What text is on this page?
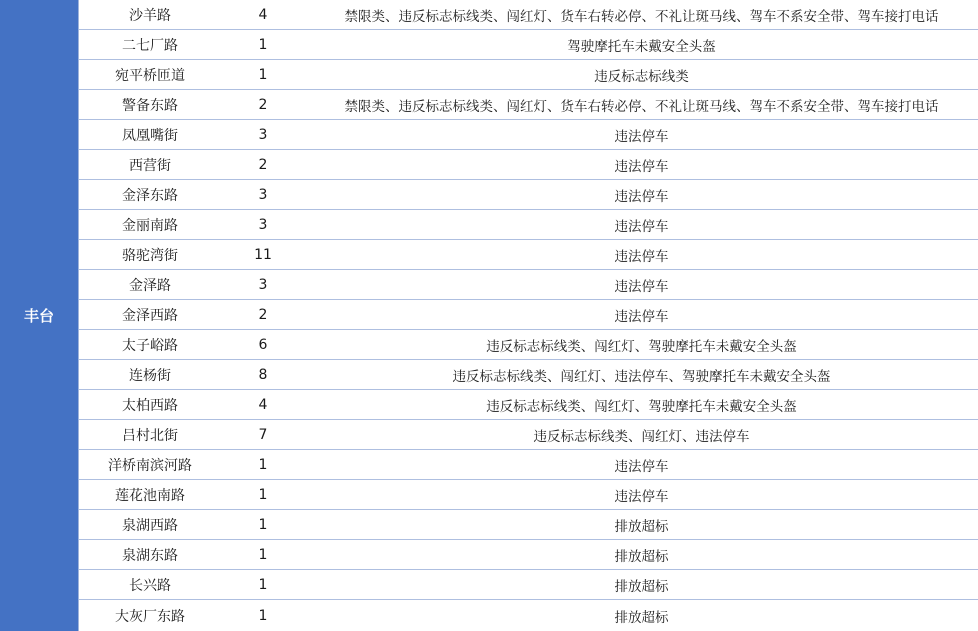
丰台
沙羊路	4	禁限类、违反标志标线类、闯红灯、货车右转必停、不礼让斑马线、驾车不系安全带、驾车接打电话
二七厂路	1	驾驶摩托车未戴安全头盔
宛平桥匝道	1	违反标志标线类
警备东路	2	禁限类、违反标志标线类、闯红灯、货车右转必停、不礼让斑马线、驾车不系安全带、驾车接打电话
凤凰嘴街	3	违法停车
西营街	2	违法停车
金泽东路	3	违法停车
金丽南路	3	违法停车
骆驼湾街	11	违法停车
金泽路	3	违法停车
金泽西路	2	违法停车
太子峪路	6	违反标志标线类、闯红灯、驾驶摩托车未戴安全头盔
连杨街	8	违反标志标线类、闯红灯、违法停车、驾驶摩托车未戴安全头盔
太柏西路	4	违反标志标线类、闯红灯、驾驶摩托车未戴安全头盔
吕村北街	7	违反标志标线类、闯红灯、违法停车
洋桥南滨河路	1	违法停车
莲花池南路	1	违法停车
泉湖西路	1	排放超标
泉湖东路	1	排放超标
长兴路	1	排放超标
大灰厂东路	1	排放超标
